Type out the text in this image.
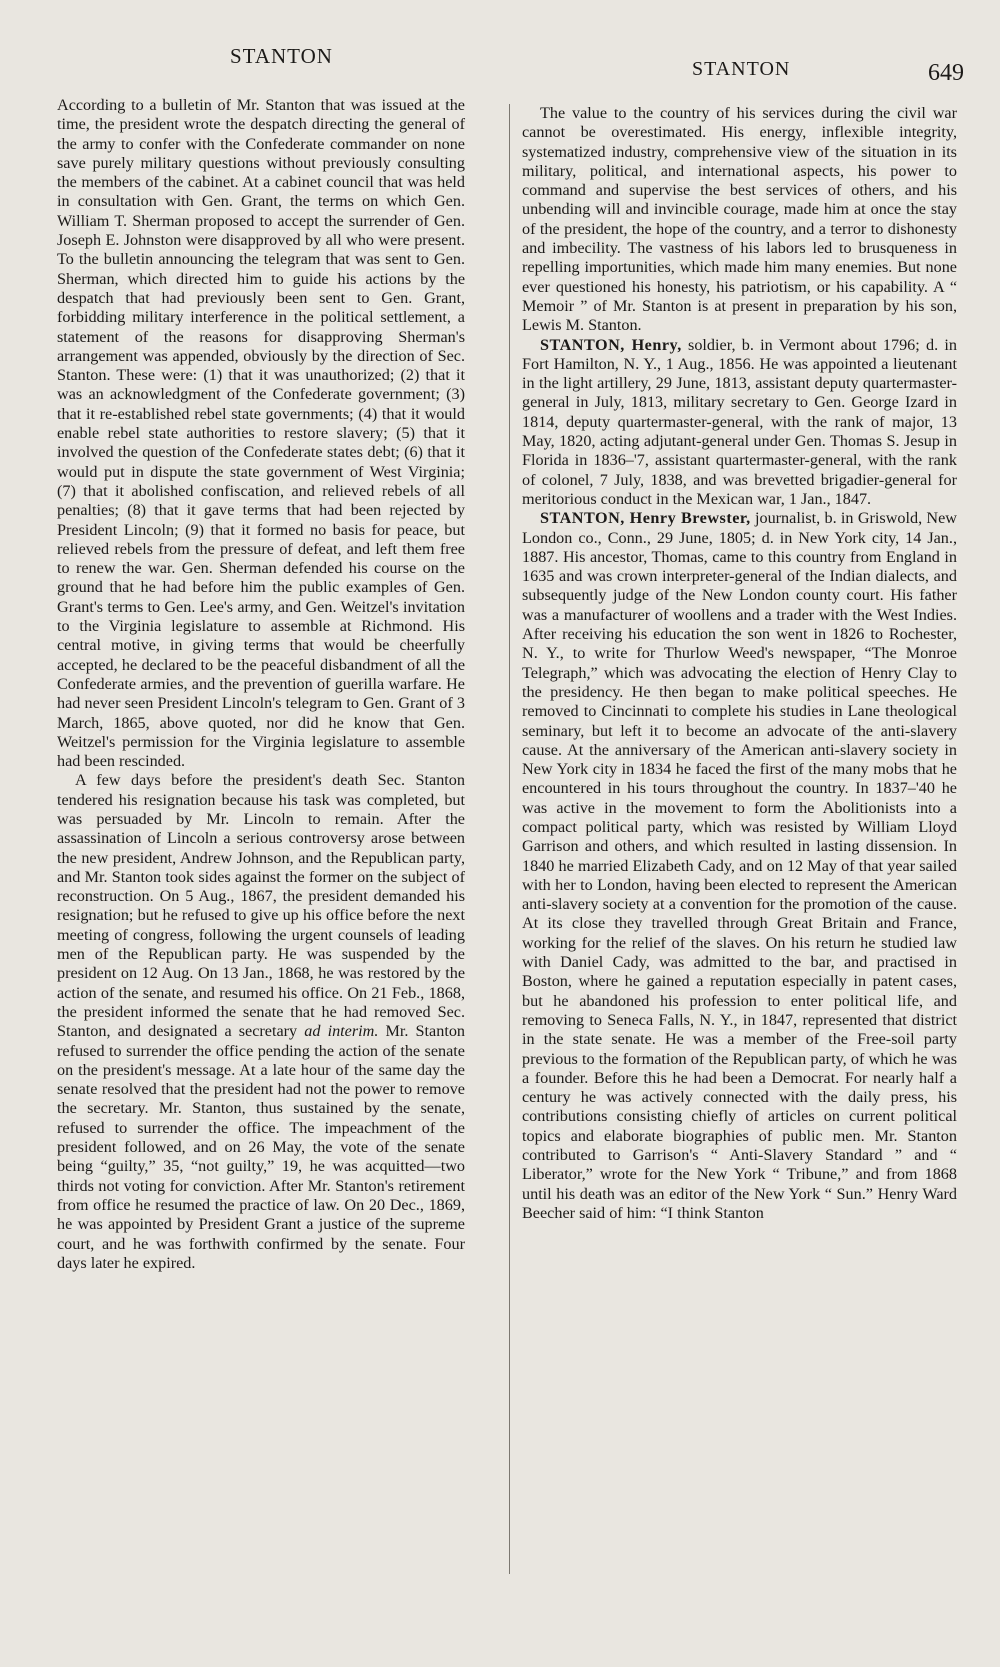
STANTON
STANTON	649

According to a bulletin of Mr. Stanton that was issued at the time, the president wrote the despatch directing the general of the army to confer with the Confederate commander on none save purely military questions without previously consulting the members of the cabinet. At a cabinet council that was held in consultation with Gen. Grant, the terms on which Gen. William T. Sherman proposed to accept the surrender of Gen. Joseph E. Johnston were disapproved by all who were present. To the bulletin announcing the telegram that was sent to Gen. Sherman, which directed him to guide his actions by the despatch that had previously been sent to Gen. Grant, forbidding military interference in the political settlement, a statement of the reasons for disapproving Sherman's arrangement was appended, obviously by the direction of Sec. Stanton. These were: (1) that it was unauthorized; (2) that it was an acknowledgment of the Confederate government; (3) that it re-established rebel state governments; (4) that it would enable rebel state authorities to restore slavery; (5) that it involved the question of the Confederate states debt; (6) that it would put in dispute the state government of West Virginia; (7) that it abolished confiscation, and relieved rebels of all penalties; (8) that it gave terms that had been rejected by President Lincoln; (9) that it formed no basis for peace, but relieved rebels from the pressure of defeat, and left them free to renew the war. Gen. Sherman defended his course on the ground that he had before him the public examples of Gen. Grant's terms to Gen. Lee's army, and Gen. Weitzel's invitation to the Virginia legislature to assemble at Richmond. His central motive, in giving terms that would be cheerfully accepted, he declared to be the peaceful disbandment of all the Confederate armies, and the prevention of guerilla warfare. He had never seen President Lincoln's telegram to Gen. Grant of 3 March, 1865, above quoted, nor did he know that Gen. Weitzel's permission for the Virginia legislature to assemble had been rescinded.

A few days before the president's death Sec. Stanton tendered his resignation because his task was completed, but was persuaded by Mr. Lincoln to remain. After the assassination of Lincoln a serious controversy arose between the new president, Andrew Johnson, and the Republican party, and Mr. Stanton took sides against the former on the subject of reconstruction. On 5 Aug., 1867, the president demanded his resignation; but he refused to give up his office before the next meeting of congress, following the urgent counsels of leading men of the Republican party. He was suspended by the president on 12 Aug. On 13 Jan., 1868, he was restored by the action of the senate, and resumed his office. On 21 Feb., 1868, the president informed the senate that he had removed Sec. Stanton, and designated a secretary ad interim. Mr. Stanton refused to surrender the office pending the action of the senate on the president's message. At a late hour of the same day the senate resolved that the president had not the power to remove the secretary. Mr. Stanton, thus sustained by the senate, refused to surrender the office. The impeachment of the president followed, and on 26 May, the vote of the senate being “guilty,” 35, “not guilty,” 19, he was acquitted—two thirds not voting for conviction. After Mr. Stanton's retirement from office he resumed the practice of law. On 20 Dec., 1869, he was appointed by President Grant a justice of the supreme court, and he was forthwith confirmed by the senate. Four days later he expired.

The value to the country of his services during the civil war cannot be overestimated. His energy, inflexible integrity, systematized industry, comprehensive view of the situation in its military, political, and international aspects, his power to command and supervise the best services of others, and his unbending will and invincible courage, made him at once the stay of the president, the hope of the country, and a terror to dishonesty and imbecility. The vastness of his labors led to brusqueness in repelling importunities, which made him many enemies. But none ever questioned his honesty, his patriotism, or his capability. A “ Memoir ” of Mr. Stanton is at present in preparation by his son, Lewis M. Stanton.

STANTON, Henry, soldier, b. in Vermont about 1796; d. in Fort Hamilton, N. Y., 1 Aug., 1856. He was appointed a lieutenant in the light artillery, 29 June, 1813, assistant deputy quartermaster-general in July, 1813, military secretary to Gen. George Izard in 1814, deputy quartermaster-general, with the rank of major, 13 May, 1820, acting adjutant-general under Gen. Thomas S. Jesup in Florida in 1836–'7, assistant quartermaster-general, with the rank of colonel, 7 July, 1838, and was brevetted brigadier-general for meritorious conduct in the Mexican war, 1 Jan., 1847.

STANTON, Henry Brewster, journalist, b. in Griswold, New London co., Conn., 29 June, 1805; d. in New York city, 14 Jan., 1887. His ancestor, Thomas, came to this country from England in 1635 and was crown interpreter-general of the Indian dialects, and subsequently judge of the New London county court. His father was a manufacturer of woollens and a trader with the West Indies. After receiving his education the son went in 1826 to Rochester, N. Y., to write for Thurlow Weed's newspaper, “The Monroe Telegraph,” which was advocating the election of Henry Clay to the presidency. He then began to make political speeches. He removed to Cincinnati to complete his studies in Lane theological seminary, but left it to become an advocate of the anti-slavery cause. At the anniversary of the American anti-slavery society in New York city in 1834 he faced the first of the many mobs that he encountered in his tours throughout the country. In 1837–'40 he was active in the movement to form the Abolitionists into a compact political party, which was resisted by William Lloyd Garrison and others, and which resulted in lasting dissension. In 1840 he married Elizabeth Cady, and on 12 May of that year sailed with her to London, having been elected to represent the American anti-slavery society at a convention for the promotion of the cause. At its close they travelled through Great Britain and France, working for the relief of the slaves. On his return he studied law with Daniel Cady, was admitted to the bar, and practised in Boston, where he gained a reputation especially in patent cases, but he abandoned his profession to enter political life, and removing to Seneca Falls, N. Y., in 1847, represented that district in the state senate. He was a member of the Free-soil party previous to the formation of the Republican party, of which he was a founder. Before this he had been a Democrat. For nearly half a century he was actively connected with the daily press, his contributions consisting chiefly of articles on current political topics and elaborate biographies of public men. Mr. Stanton contributed to Garrison's “ Anti-Slavery Standard ” and “ Liberator,” wrote for the New York “ Tribune,” and from 1868 until his death was an editor of the New York “ Sun.” Henry Ward Beecher said of him: “I think Stanton
